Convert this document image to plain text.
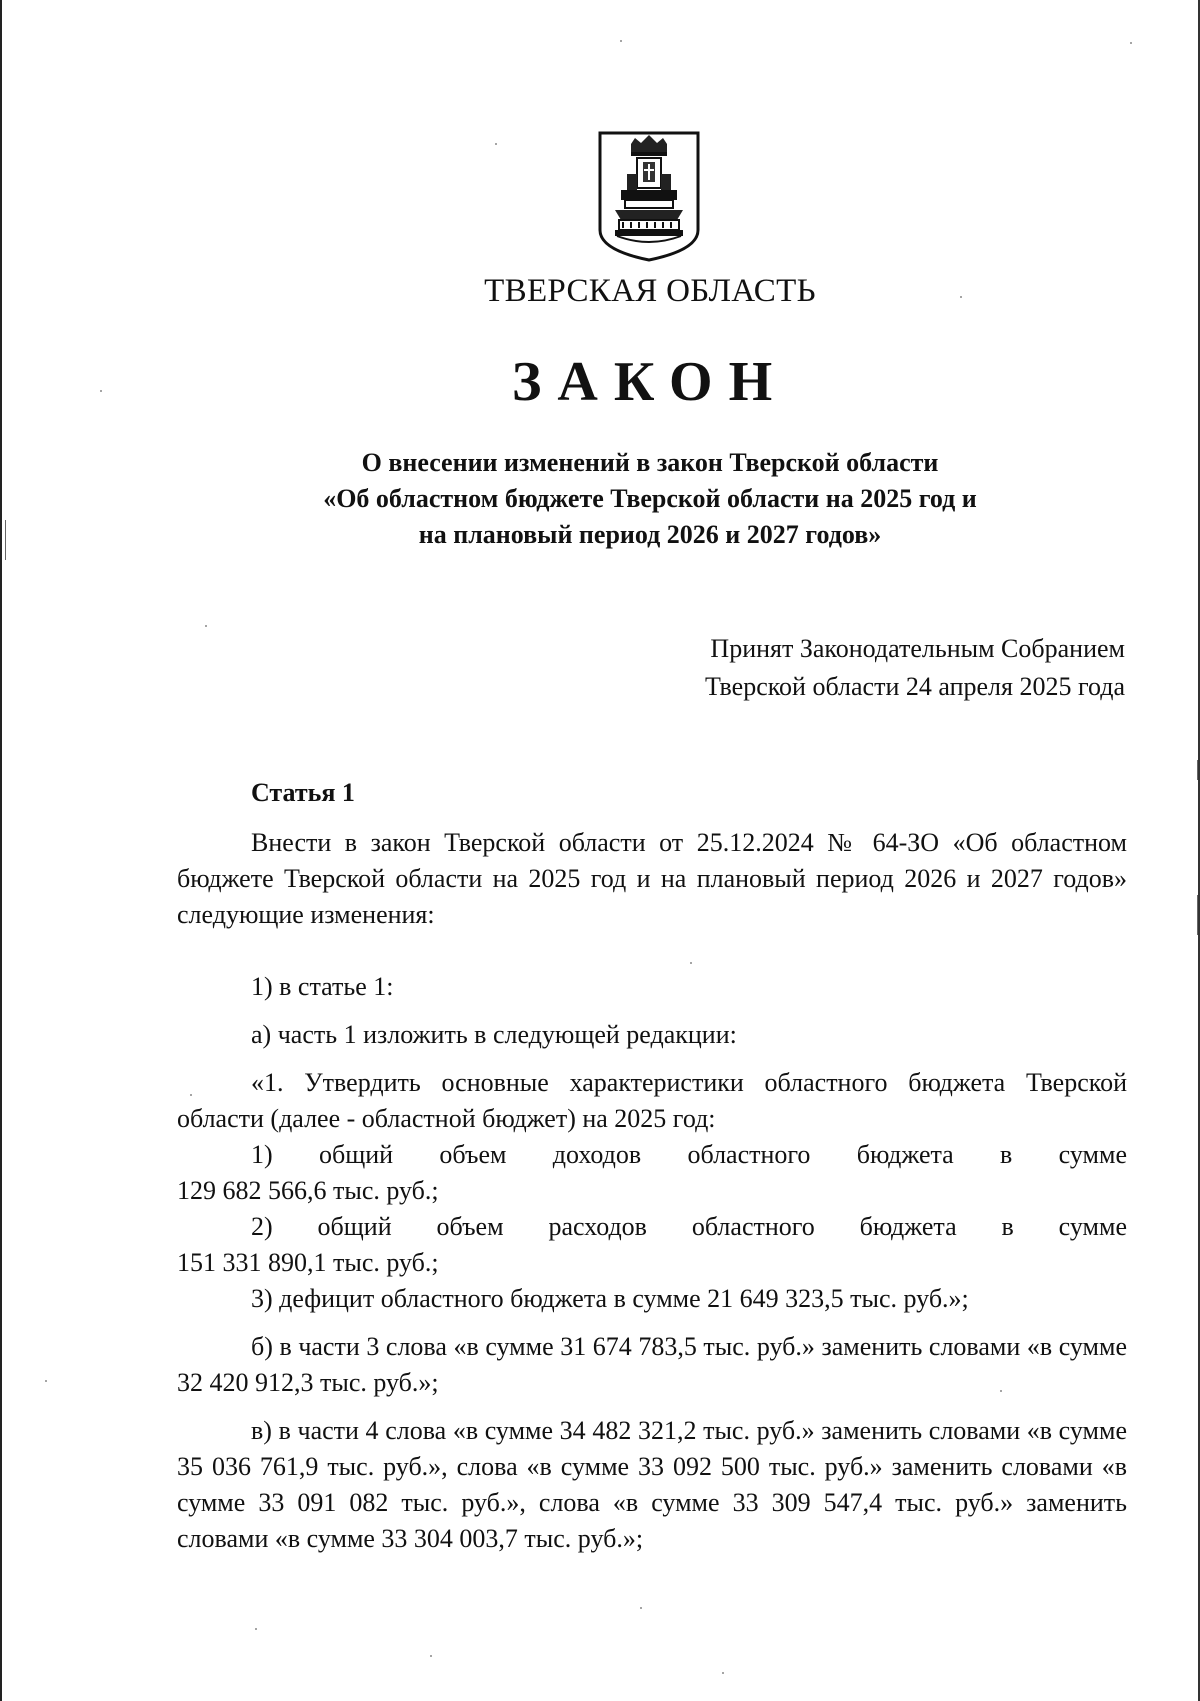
ТВЕРСКАЯ ОБЛАСТЬ
ЗАКОН
О внесении изменений в закон Тверской области
«Об областном бюджете Тверской области на 2025 год и
на плановый период 2026 и 2027 годов»
Принят Законодательным Собранием
Тверской области 24 апреля 2025 года
Статья 1

Внести в закон Тверской области от 25.12.2024 № 64-ЗО «Об областном бюджете Тверской области на 2025 год и на плановый период 2026 и 2027 годов» следующие изменения:

1) в статье 1:
а) часть 1 изложить в следующей редакции:

«1. Утвердить основные характеристики областного бюджета Тверской области (далее - областной бюджет) на 2025 год:

1) общий объем доходов областного бюджета в сумме
129 682 566,6 тыс. руб.;
2) общий объем расходов областного бюджета в сумме
151 331 890,1 тыс. руб.;
3) дефицит областного бюджета в сумме 21 649 323,5 тыс. руб.»;

б) в части 3 слова «в сумме 31 674 783,5 тыс. руб.» заменить словами «в сумме 32 420 912,3 тыс. руб.»;

в) в части 4 слова «в сумме 34 482 321,2 тыс. руб.» заменить словами «в сумме 35 036 761,9 тыс. руб.», слова «в сумме 33 092 500 тыс. руб.» заменить словами «в сумме 33 091 082 тыс. руб.», слова «в сумме 33 309 547,4 тыс. руб.» заменить словами «в сумме 33 304 003,7 тыс. руб.»;
